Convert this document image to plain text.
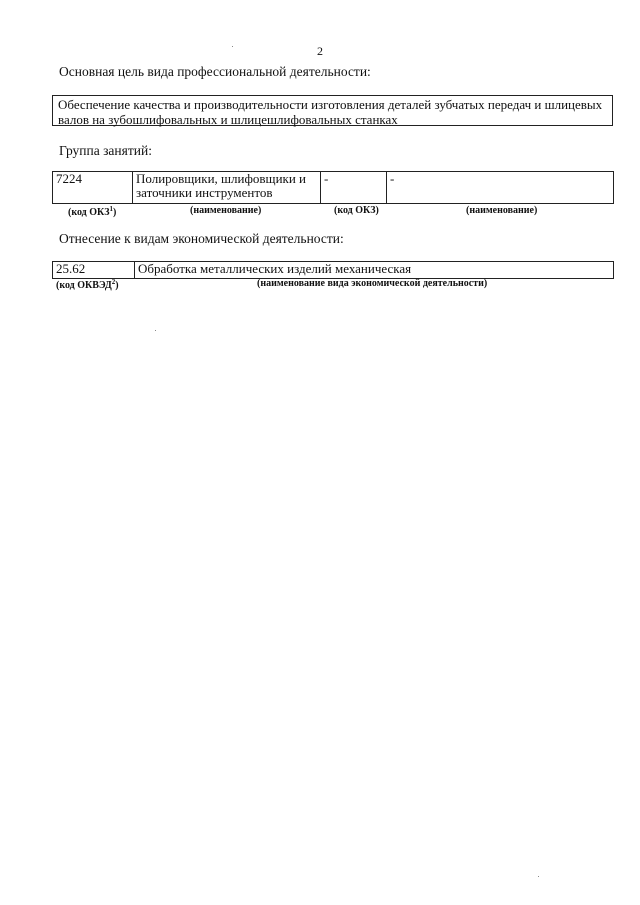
2
Основная цель вида профессиональной деятельности:
Обеспечение качества и производительности изготовления деталей зубчатых передач и шлицевых валов на зубошлифовальных и шлицешлифовальных станках
Группа занятий:
7224	Полировщики, шлифовщики и заточники инструментов	-	-
(код ОКЗ$^1$)	(наименование)	(код ОКЗ)	(наименование)
Отнесение к видам экономической деятельности:
25.62	Обработка металлических изделий механическая
(код ОКВЭД$^2$)	(наименование вида экономической деятельности)
